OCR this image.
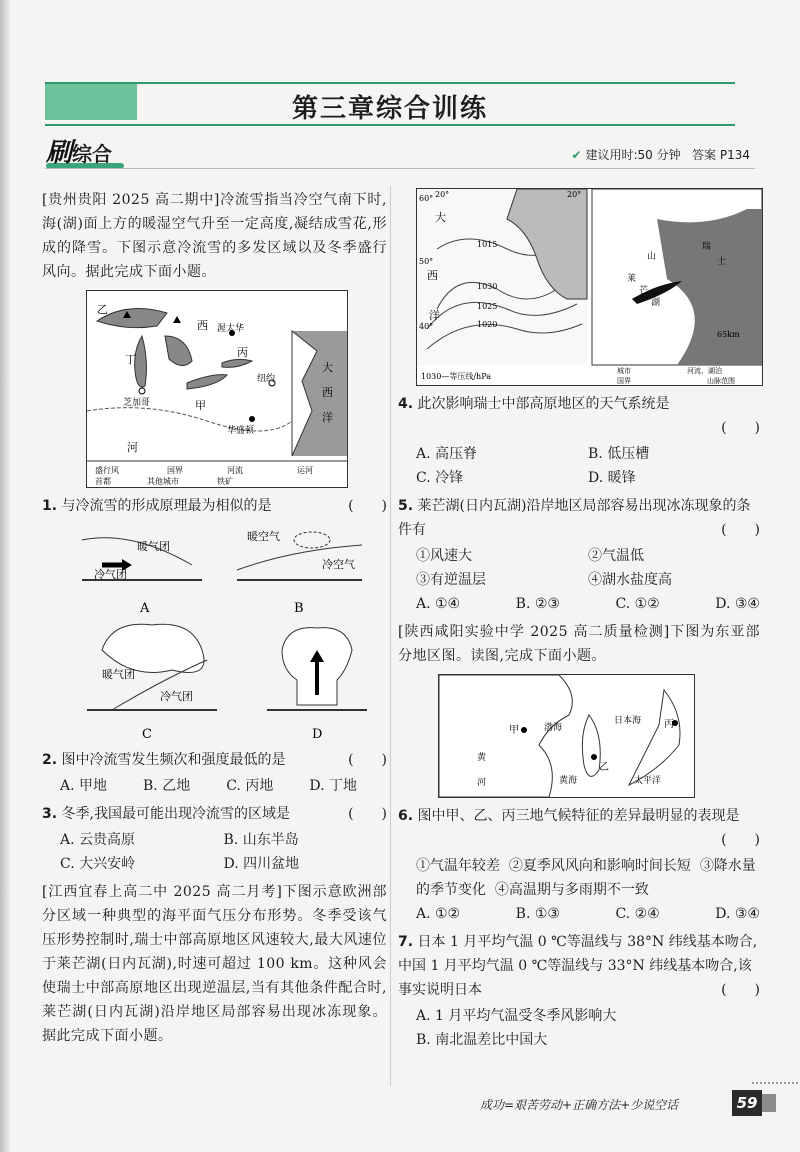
第三章综合训练
刷综合	✔ 建议用时:50 分钟 答案 P134

[贵州贵阳 2025 高二期中]冷流雪指当冷空气南下时,海(湖)面上方的暖湿空气升至一定高度,凝结成雪花,形成的降雪。下图示意冷流雪的多发区域以及冬季盛行风向。据此完成下面小题。

乙
西
丁
甲
丙
渥太华
芝加哥
纽约
华盛顿
大
西
洋
河
盛行风	国界	河流	运河
首都	其他城市	铁矿
1. 与冷流雪的形成原理最为相似的是	(　　)
暖气团
冷气团
A
暖空气
冷空气
B
暖气团
冷气团
C	D
2. 图中冷流雪发生频次和强度最低的是	(　　)
A. 甲地	B. 乙地	C. 丙地	D. 丁地
3. 冬季,我国最可能出现冷流雪的区域是	(　　)
A. 云贵高原	B. 山东半岛
C. 大兴安岭	D. 四川盆地

[江西宜春上高二中 2025 高二月考]下图示意欧洲部分区域一种典型的海平面气压分布形势。冬季受该气压形势控制时,瑞士中部高原地区风速较大,最大风速位于莱芒湖(日内瓦湖),时速可超过 100 km。这种风会使瑞士中部高原地区出现逆温层,当有其他条件配合时,莱芒湖(日内瓦湖)沿岸地区局部容易出现冰冻现象。据此完成下面小题。

60°
50°
40°
20°	20°
大
西
洋
1030
1025
1020
1015
莱
芒
湖
山
瑞
士
65km
1030—等压线/hPa
城市	河流、湖泊
国界	山脉范围
4. 此次影响瑞士中部高原地区的天气系统是
(　　)
A. 高压脊	B. 低压槽
C. 冷锋	D. 暖锋
5. 莱芒湖(日内瓦湖)沿岸地区局部容易出现冰冻现象的条件有	(　　)
①风速大	②气温低
③有逆温层	④湖水盐度高
A. ①④	B. ②③	C. ①②	D. ③④

[陕西咸阳实验中学 2025 高二质量检测]下图为东亚部分地区图。读图,完成下面小题。

甲
乙
丙
渤海
日本海
黄海	太平洋
黄
河
6. 图中甲、乙、丙三地气候特征的差异最明显的表现是
(　　)
①气温年较差 ②夏季风风向和影响时间长短 ③降水量的季节变化 ④高温期与多雨期不一致
A. ①②	B. ①③	C. ②④	D. ③④
7. 日本 1 月平均气温 0 ℃等温线与 38°N 纬线基本吻合,中国 1 月平均气温 0 ℃等温线与 33°N 纬线基本吻合,该事实说明日本	(　　)
A. 1 月平均气温受冬季风影响大
B. 南北温差比中国大
成功=艰苦劳动+正确方法+少说空话	59
